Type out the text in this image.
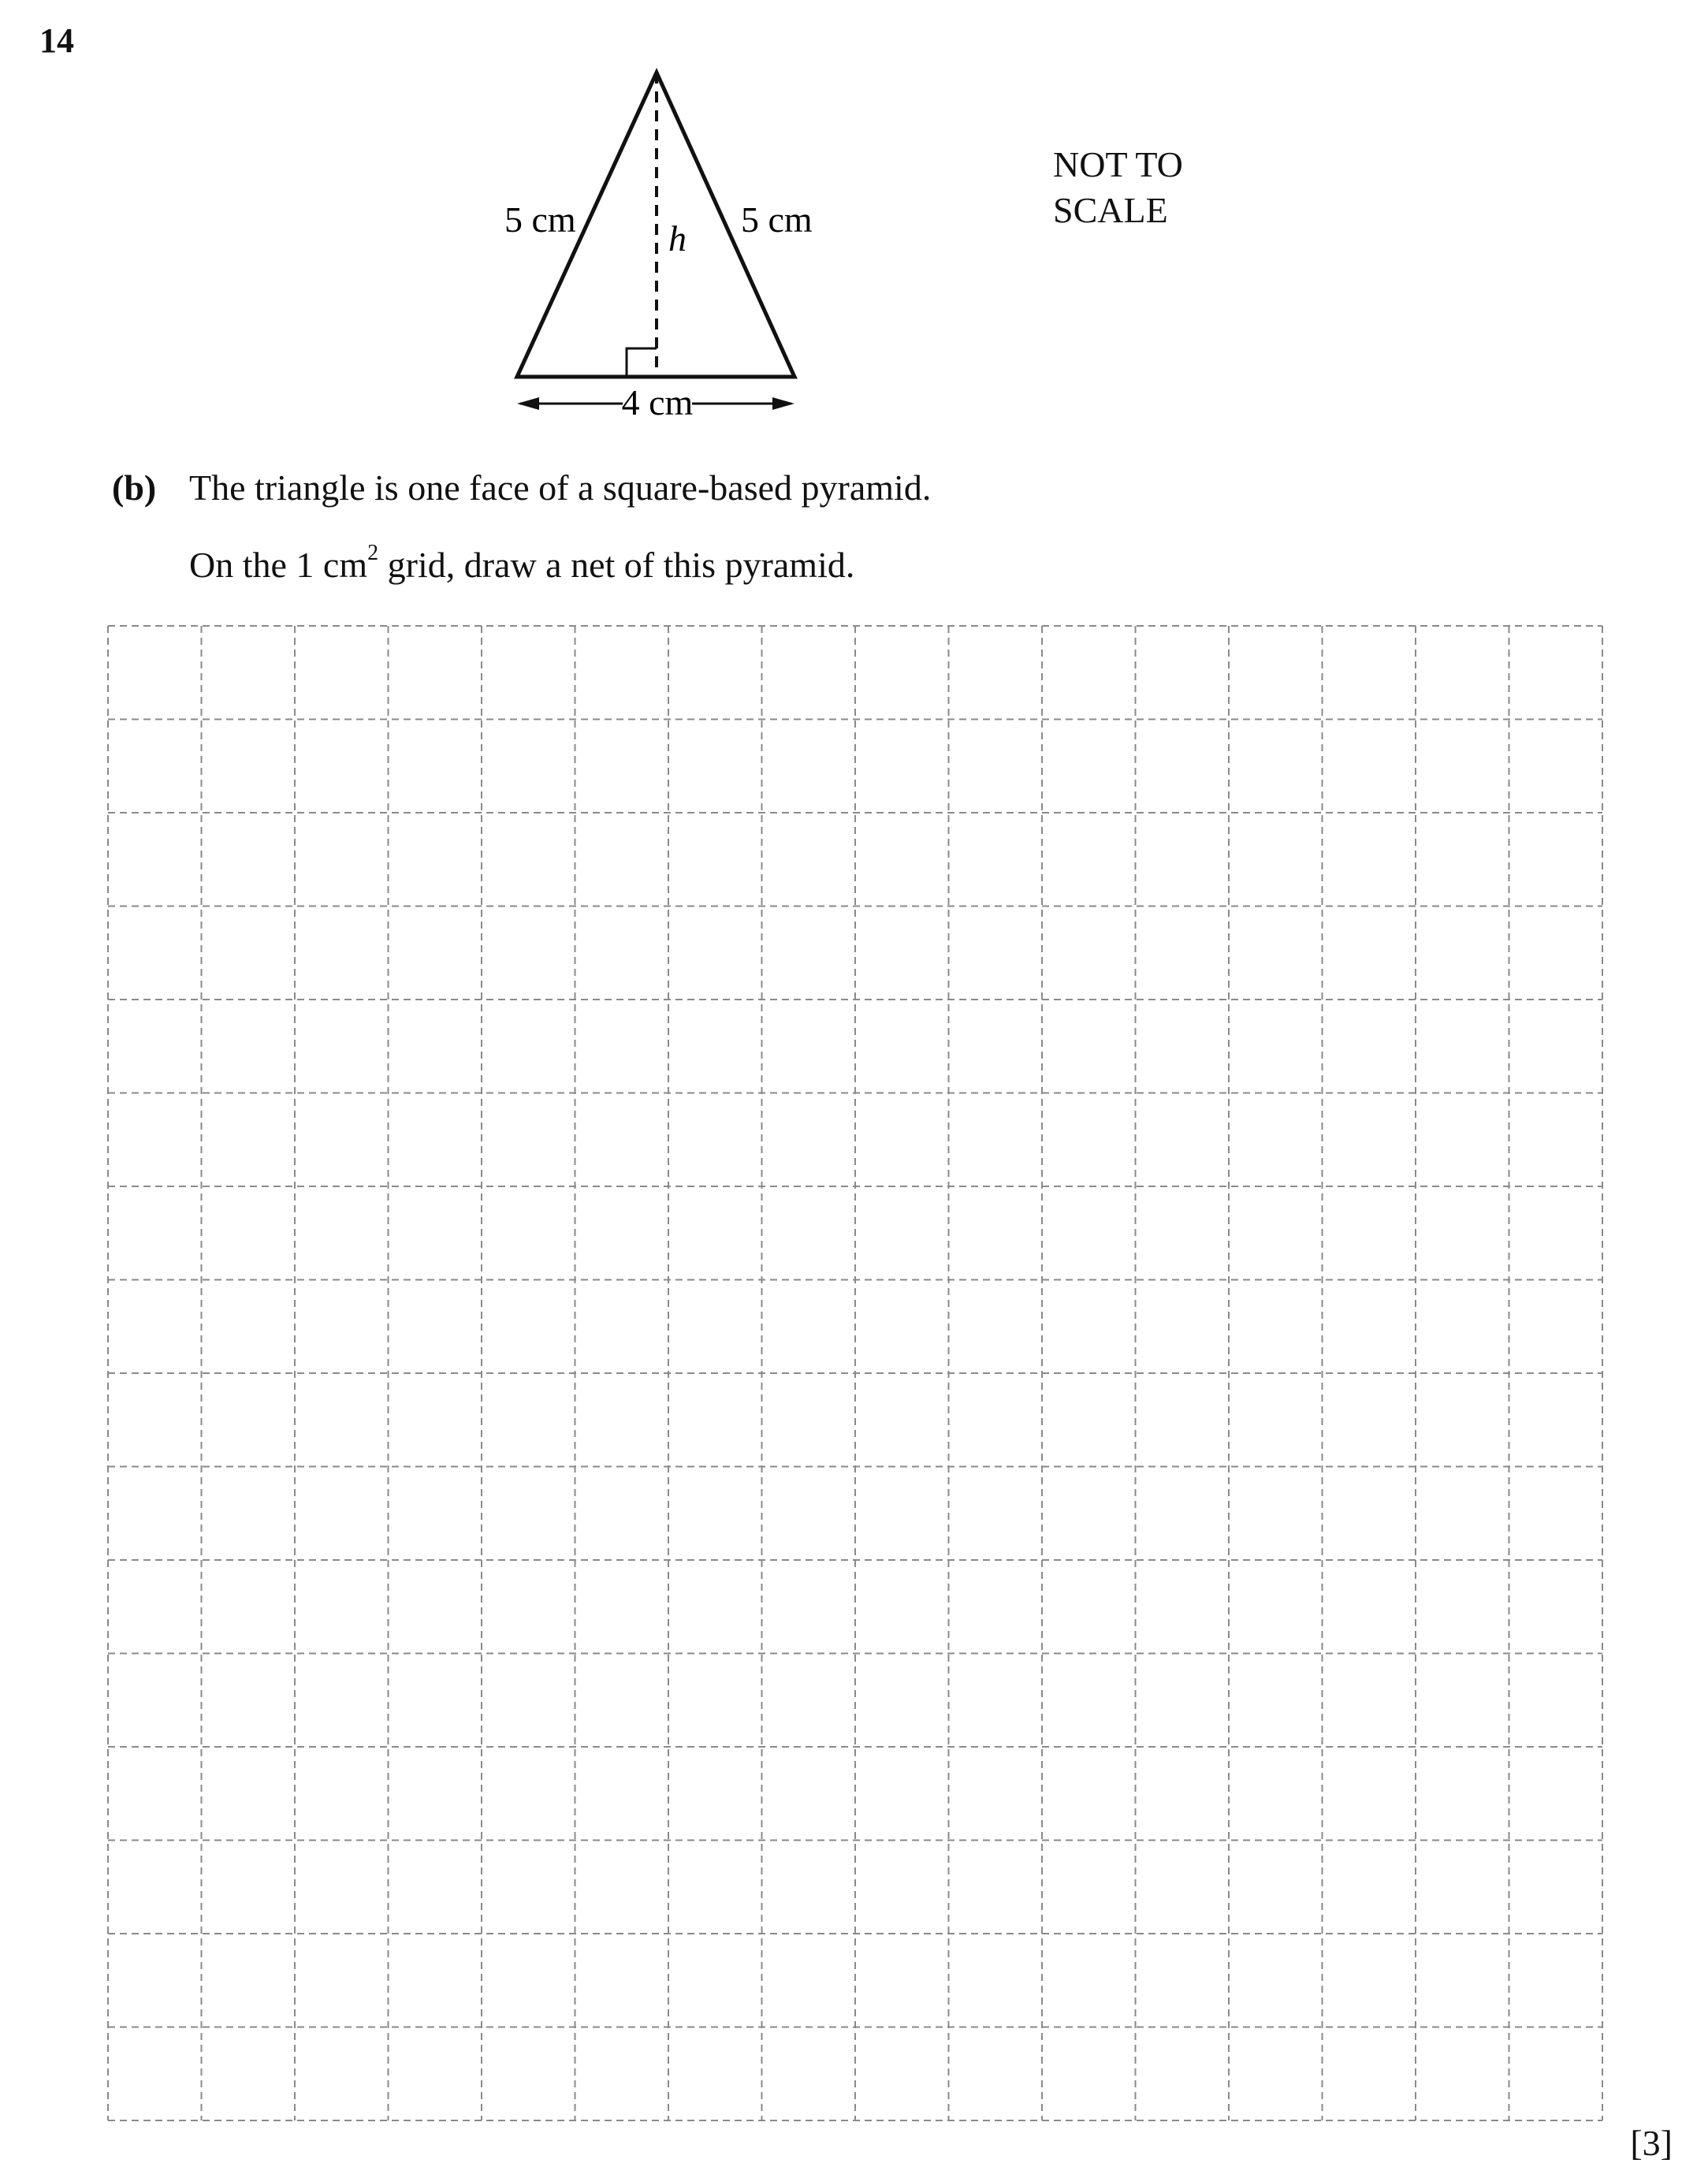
14
5 cm	5 cm
h
4 cm
NOT TO
SCALE
(b) The triangle is one face of a square-based pyramid.
On the 1 $cm^2$ grid, draw a net of this pyramid.
[3]
